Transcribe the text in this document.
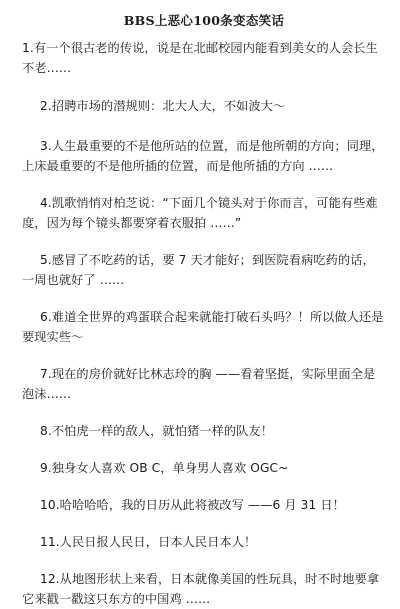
BBS上恶心100条变态笑话

1.有一个很古老的传说，说是在北邮校园内能看到美女的人会长生不老……

2.招聘市场的潜规则：北大人大，不如波大～

3.人生最重要的不是他所站的位置，而是他所朝的方向；同理，上床最重要的不是他所插的位置，而是他所插的方向 ……

4.凯歌悄悄对柏芝说：“下面几个镜头对于你而言，可能有些难度，因为每个镜头都要穿着衣服拍 ……”

5.感冒了不吃药的话，要 7 天才能好；到医院看病吃药的话，一周也就好了 ……

6.难道全世界的鸡蛋联合起来就能打破石头吗？！所以做人还是要现实些～

7.现在的房价就好比林志玲的胸 ——看着坚挺，实际里面全是泡沫……

8.不怕虎一样的敌人，就怕猪一样的队友！

9.独身女人喜欢 OB C，单身男人喜欢 OGC~

10.哈哈哈哈，我的日历从此将被改写 ——6 月 31 日！

11.人民日报人民日，日本人民日本人！

12.从地图形状上来看，日本就像美国的性玩具，时不时地要拿它来戳一戳这只东方的中国鸡 ……
